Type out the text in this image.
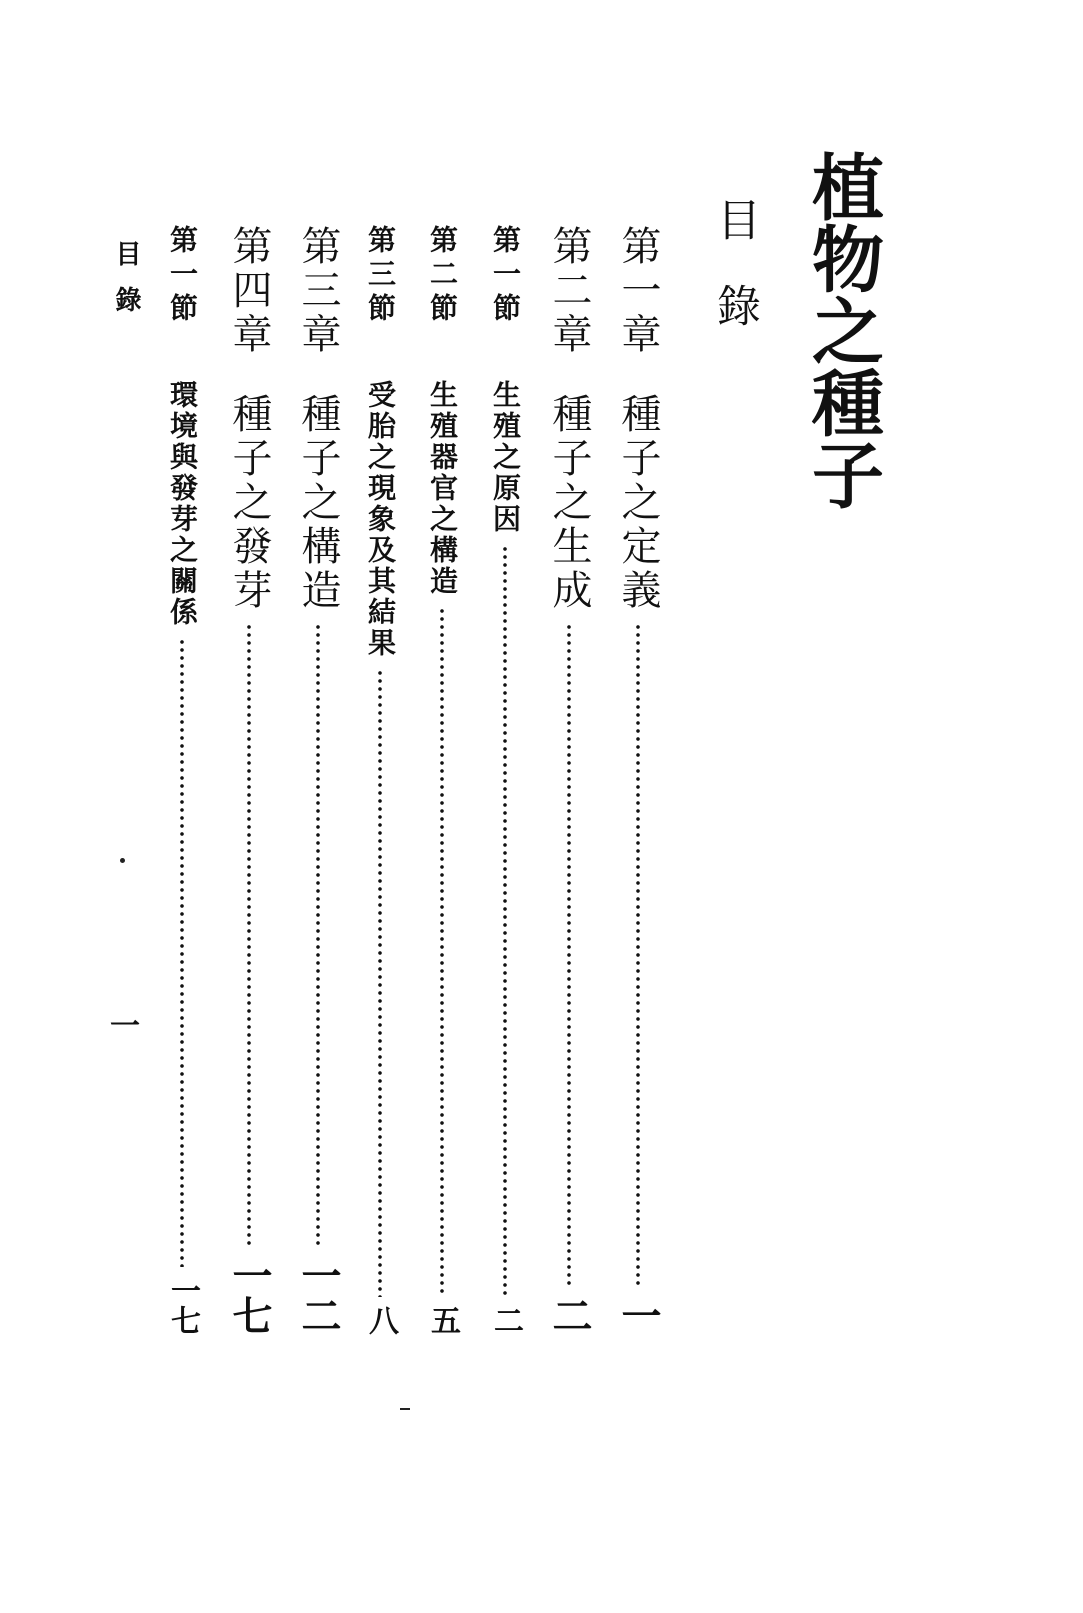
植物之種子
目錄
第一章
種子之定義
一
第二章
種子之生成
二
第一節
生殖之原因
二
第二節
生殖器官之構造
五
第三節
受胎之現象及其結果
八
第三章
種子之構造
一二
第四章
種子之發芽
一七
第一節
環境與發芽之關係
一七
目錄
一
